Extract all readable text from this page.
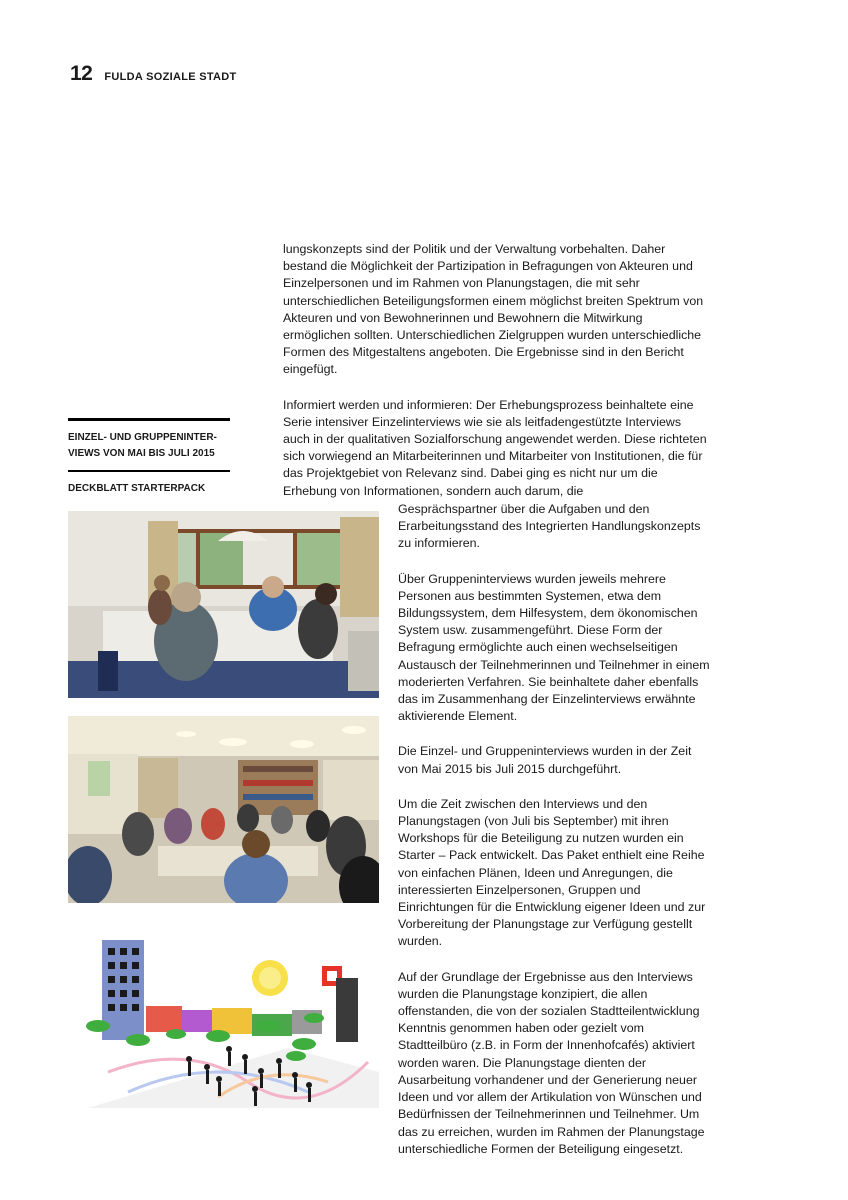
12 FULDA SOZIALE STADT
EINZEL- UND GRUPPENINTER- VIEWS VON MAI BIS JULI 2015
DECKBLATT STARTERPACK

lungskonzepts sind der Politik und der Verwaltung vorbehalten. Daher bestand die Möglichkeit der Partizipation in Befragungen von Akteuren und Einzelpersonen und im Rahmen von Planungstagen, die mit sehr unterschiedlichen Beteiligungsformen einem möglichst breiten Spektrum von Akteuren und von Bewohnerinnen und Bewohnern die Mitwirkung ermöglichen sollten. Unterschiedlichen Zielgruppen wurden unterschiedliche Formen des Mitgestaltens angeboten. Die Ergebnisse sind in den Bericht eingefügt.

Informiert werden und informieren: Der Erhebungsprozess beinhaltete eine Serie intensiver Einzelinterviews wie sie als leitfadengestützte Interviews auch in der qualitativen Sozialforschung angewendet werden. Diese richteten sich vorwiegend an Mitarbeiterinnen und Mitarbeiter von Institutionen, die für das Projektgebiet von Relevanz sind. Dabei ging es nicht nur um die Erhebung von Informationen, sondern auch darum, die

Gesprächspartner über die Aufgaben und den Erarbeitungsstand des Integrierten Handlungskonzepts zu informieren.

Über Gruppeninterviews wurden jeweils mehrere Personen aus bestimmten Systemen, etwa dem Bildungssystem, dem Hilfesystem, dem ökonomischen System usw. zusammengeführt. Diese Form der Befragung ermöglichte auch einen wechselseitigen Austausch der Teilnehmerinnen und Teilnehmer in einem moderierten Verfahren. Sie beinhaltete daher ebenfalls das im Zusammenhang der Einzelinterviews erwähnte aktivierende Element.

Die Einzel- und Gruppeninterviews wurden in der Zeit von Mai 2015 bis Juli 2015 durchgeführt.

Um die Zeit zwischen den Interviews und den Planungstagen (von Juli bis September) mit ihren Workshops für die Beteiligung zu nutzen wurden ein Starter – Pack entwickelt. Das Paket enthielt eine Reihe von einfachen Plänen, Ideen und Anregungen, die interessierten Einzelpersonen, Gruppen und Einrichtungen für die Entwicklung eigener Ideen und zur Vorbereitung der Planungstage zur Verfügung gestellt wurden.

Auf der Grundlage der Ergebnisse aus den Interviews wurden die Planungstage konzipiert, die allen offenstanden, die von der sozialen Stadtteilentwicklung Kenntnis genommen haben oder gezielt vom Stadtteilbüro (z.B. in Form der Innenhofcafés) aktiviert worden waren. Die Planungstage dienten der Ausarbeitung vorhandener und der Generierung neuer Ideen und vor allem der Artikulation von Wünschen und Bedürfnissen der Teilnehmerinnen und Teilnehmer. Um das zu erreichen, wurden im Rahmen der Planungstage unterschiedliche Formen der Beteiligung eingesetzt.
